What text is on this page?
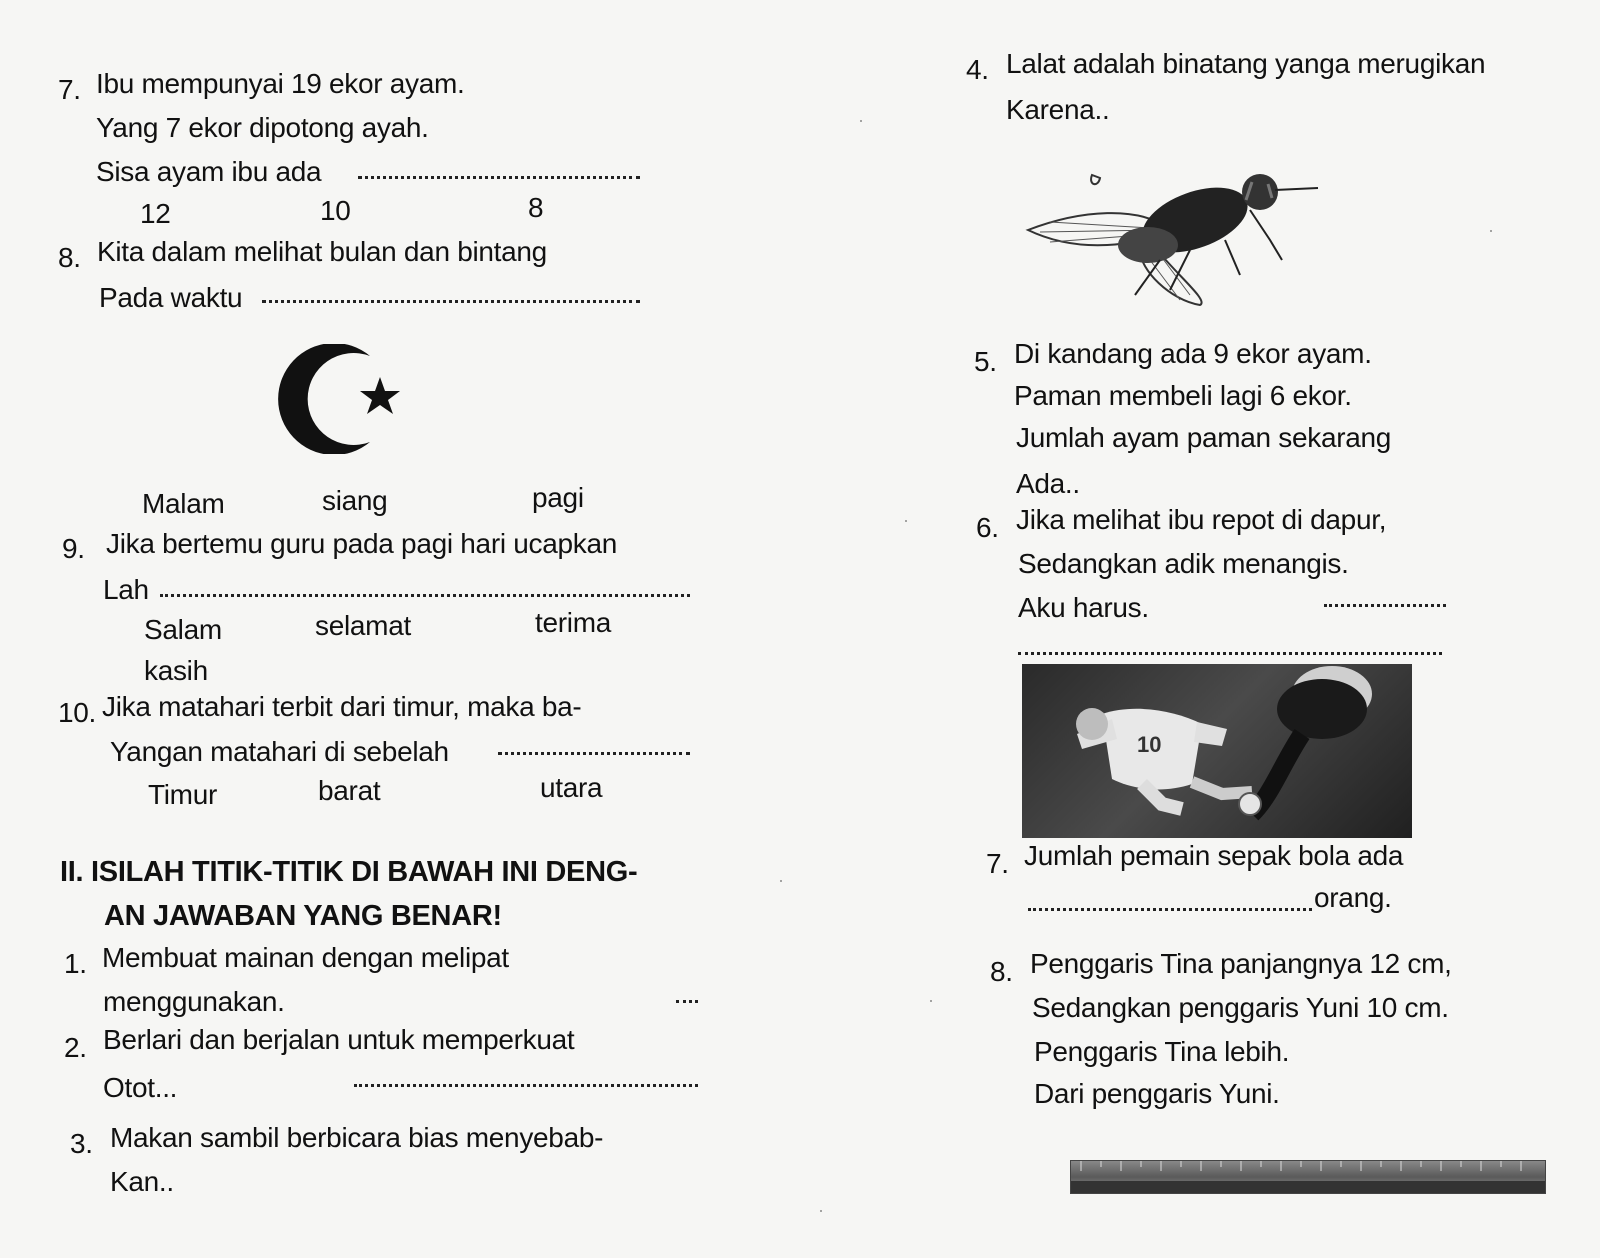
7. Ibu mempunyai 19 ekor ayam.
Yang 7 ekor dipotong ayah.
Sisa ayam ibu ada
12	10	8
8. Kita dalam melihat bulan dan bintang
Pada waktu
Malam	siang	pagi
9. Jika bertemu guru pada pagi hari ucapkan
Lah
Salam	selamat	terima
kasih
10. Jika matahari terbit dari timur, maka ba-
Yangan matahari di sebelah
Timur	barat	utara
II. ISILAH TITIK-TITIK DI BAWAH INI DENG-
AN JAWABAN YANG BENAR!
1. Membuat mainan dengan melipat
menggunakan.
2. Berlari dan berjalan untuk memperkuat
Otot...
3. Makan sambil berbicara bias menyebab-
Kan..
4. Lalat adalah binatang yanga merugikan
Karena..
5. Di kandang ada 9 ekor ayam.
Paman membeli lagi 6 ekor.
Jumlah ayam paman sekarang
Ada..
6. Jika melihat ibu repot di dapur,
Sedangkan adik menangis.
Aku harus.
10
7. Jumlah pemain sepak bola ada
orang.
8. Penggaris Tina panjangnya 12 cm,
Sedangkan penggaris Yuni 10 cm.
Penggaris Tina lebih.
Dari penggaris Yuni.
